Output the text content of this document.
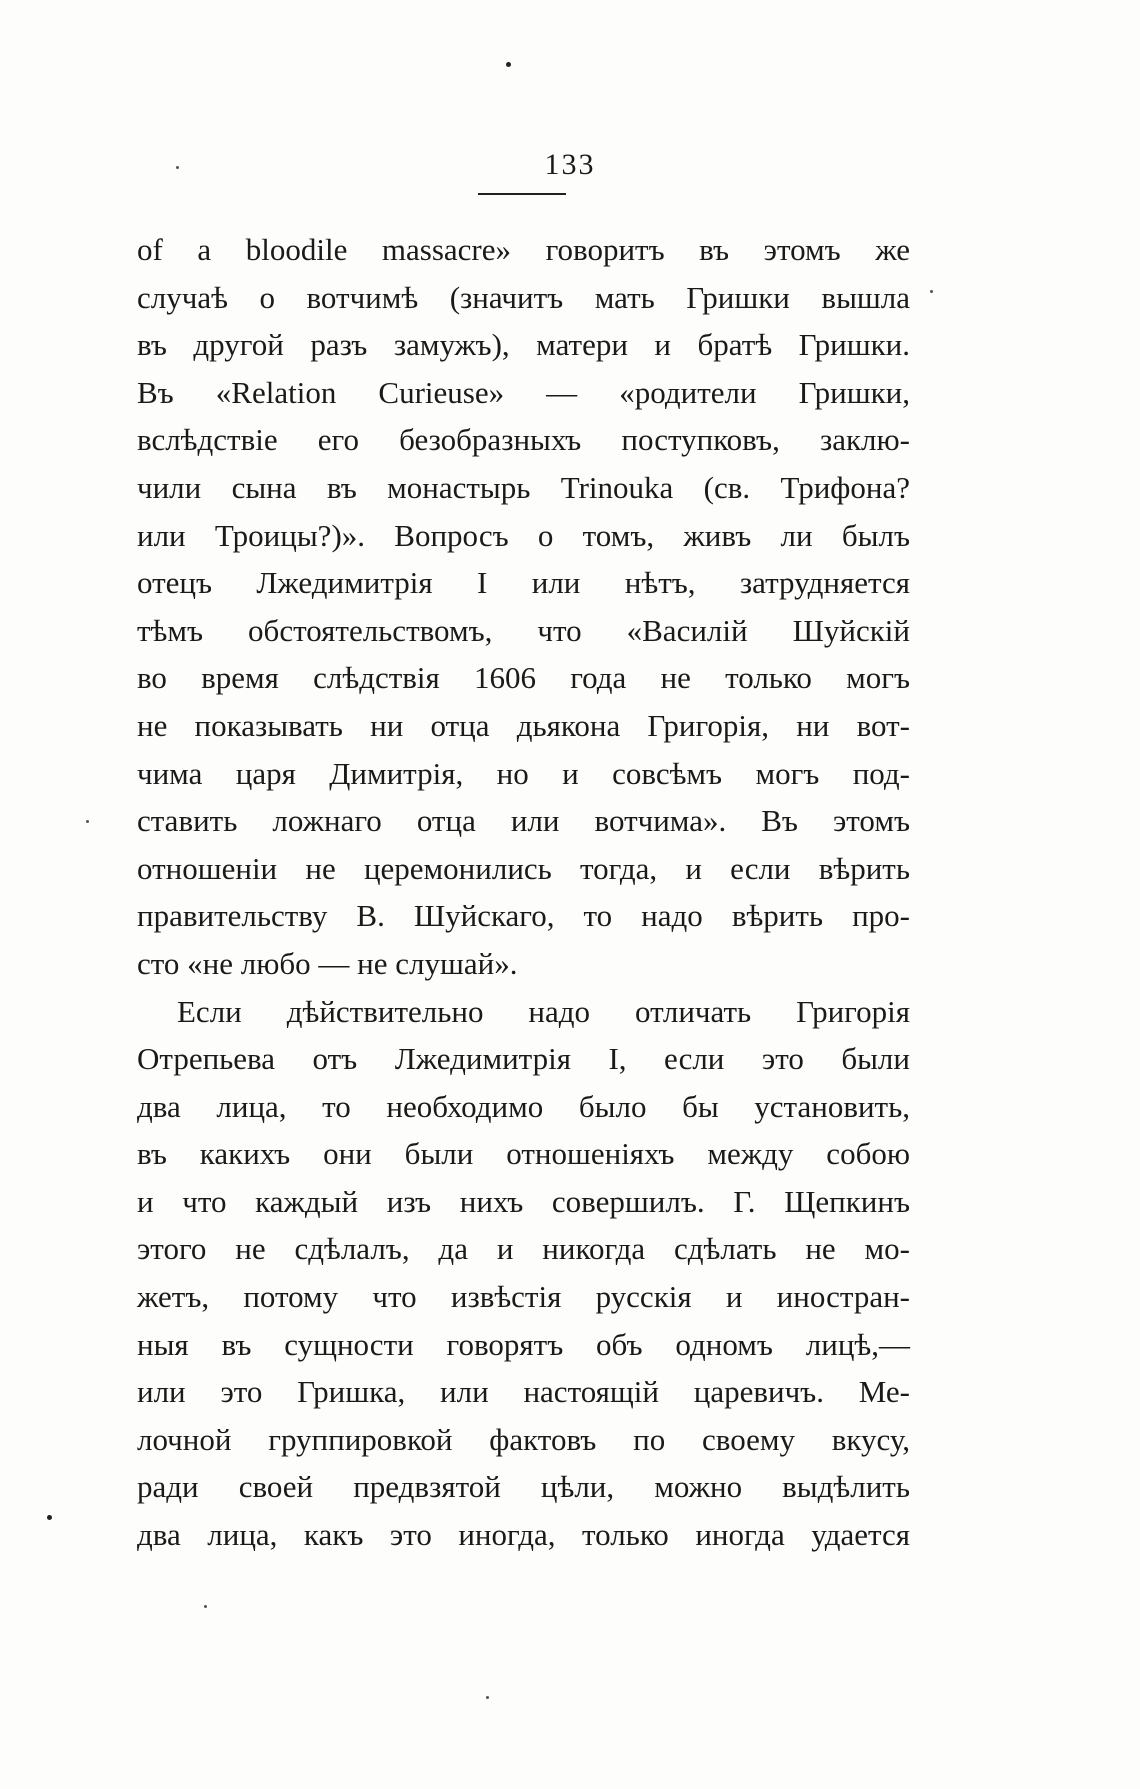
133
of a bloodile massacre» говоритъ въ этомъ же
случаѣ о вотчимѣ (значитъ мать Гришки вышла
въ другой разъ замужъ), матери и братѣ Гришки.
Въ «Relation Curieuse» — «родители Гришки,
вслѣдствіе его безобразныхъ поступковъ, заклю-
чили сына въ монастырь Trinouka (св. Трифона?
или Троицы?)». Вопросъ о томъ, живъ ли былъ
отецъ Лжедимитрія I или нѣтъ, затрудняется
тѣмъ обстоятельствомъ, что «Василій Шуйскій
во время слѣдствія 1606 года не только могъ
не показывать ни отца дьякона Григорія, ни вот-
чима царя Димитрія, но и совсѣмъ могъ под-
ставить ложнаго отца или вотчима». Въ этомъ
отношеніи не церемонились тогда, и если вѣрить
правительству В. Шуйскаго, то надо вѣрить про-
сто «не любо — не слушай».
Если дѣйствительно надо отличать Григорія
Отрепьева отъ Лжедимитрія I, если это были
два лица, то необходимо было бы установить,
въ какихъ они были отношеніяхъ между собою
и что каждый изъ нихъ совершилъ. Г. Щепкинъ
этого не сдѣлалъ, да и никогда сдѣлать не мо-
жетъ, потому что извѣстія русскія и иностран-
ныя въ сущности говорятъ объ одномъ лицѣ,—
или это Гришка, или настоящій царевичъ. Ме-
лочной группировкой фактовъ по своему вкусу,
ради своей предвзятой цѣли, можно выдѣлить
два лица, какъ это иногда, только иногда удается
